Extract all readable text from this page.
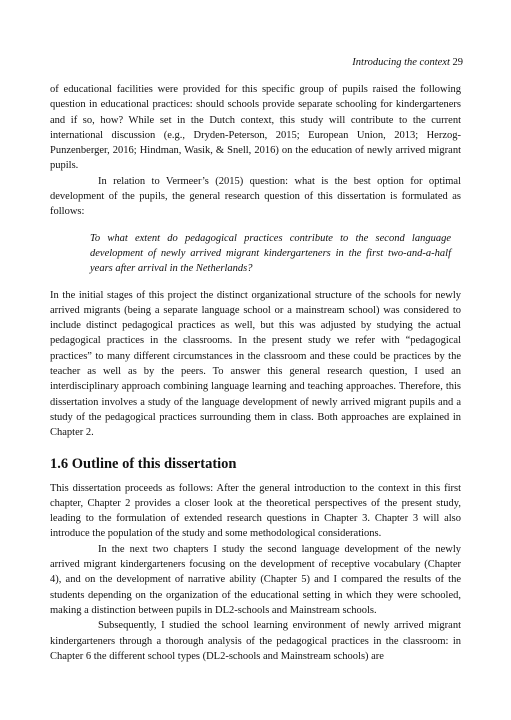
Introducing the context 29

of educational facilities were provided for this specific group of pupils raised the following question in educational practices: should schools provide separate schooling for kindergarteners and if so, how? While set in the Dutch context, this study will contribute to the current international discussion (e.g., Dryden-Peterson, 2015; European Union, 2013; Herzog-Punzenberger, 2016; Hindman, Wasik, & Snell, 2016) on the education of newly arrived migrant pupils.

In relation to Vermeer’s (2015) question: what is the best option for optimal development of the pupils, the general research question of this dissertation is formulated as follows:

To what extent do pedagogical practices contribute to the second language development of newly arrived migrant kindergarteners in the first two-and-a-half years after arrival in the Netherlands?

In the initial stages of this project the distinct organizational structure of the schools for newly arrived migrants (being a separate language school or a mainstream school) was considered to include distinct pedagogical practices as well, but this was adjusted by studying the actual pedagogical practices in the classrooms. In the present study we refer with “pedagogical practices” to many different circumstances in the classroom and these could be practices by the teacher as well as by the peers. To answer this general research question, I used an interdisciplinary approach combining language learning and teaching approaches. Therefore, this dissertation involves a study of the language development of newly arrived migrant pupils and a study of the pedagogical practices surrounding them in class. Both approaches are explained in Chapter 2.

1.6 Outline of this dissertation

This dissertation proceeds as follows: After the general introduction to the context in this first chapter, Chapter 2 provides a closer look at the theoretical perspectives of the present study, leading to the formulation of extended research questions in Chapter 3. Chapter 3 will also introduce the population of the study and some methodological considerations.

In the next two chapters I study the second language development of the newly arrived migrant kindergarteners focusing on the development of receptive vocabulary (Chapter 4), and on the development of narrative ability (Chapter 5) and I compared the results of the students depending on the organization of the educational setting in which they were schooled, making a distinction between pupils in DL2-schools and Mainstream schools.

Subsequently, I studied the school learning environment of newly arrived migrant kindergarteners through a thorough analysis of the pedagogical practices in the classroom: in Chapter 6 the different school types (DL2-schools and Mainstream schools) are
